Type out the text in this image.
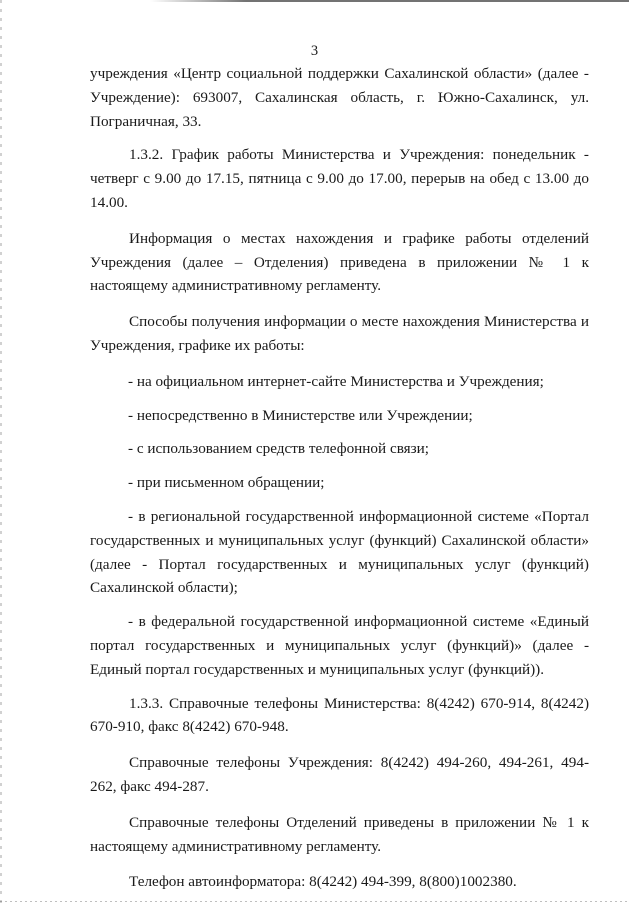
3

учреждения «Центр социальной поддержки Сахалинской области» (далее - Учреждение): 693007, Сахалинская область, г. Южно-Сахалинск, ул. Пограничная, 33.

1.3.2. График работы Министерства и Учреждения: понедельник - четверг с 9.00 до 17.15, пятница с 9.00 до 17.00, перерыв на обед с 13.00 до 14.00.

Информация о местах нахождения и графике работы отделений Учреждения (далее – Отделения) приведена в приложении № 1 к настоящему административному регламенту.

Способы получения информации о месте нахождения Министерства и Учреждения, графике их работы:

- на официальном интернет-сайте Министерства и Учреждения;

- непосредственно в Министерстве или Учреждении;

- с использованием средств телефонной связи;

- при письменном обращении;

- в региональной государственной информационной системе «Портал государственных и муниципальных услуг (функций) Сахалинской области» (далее - Портал государственных и муниципальных услуг (функций) Сахалинской области);

- в федеральной государственной информационной системе «Единый портал государственных и муниципальных услуг (функций)» (далее - Единый портал государственных и муниципальных услуг (функций)).

1.3.3. Справочные телефоны Министерства: 8(4242) 670-914, 8(4242) 670-910, факс 8(4242) 670-948.

Справочные телефоны Учреждения: 8(4242) 494-260, 494-261, 494-262, факс 494-287.

Справочные телефоны Отделений приведены в приложении № 1 к настоящему административному регламенту.

Телефон автоинформатора: 8(4242) 494-399, 8(800)1002380.
